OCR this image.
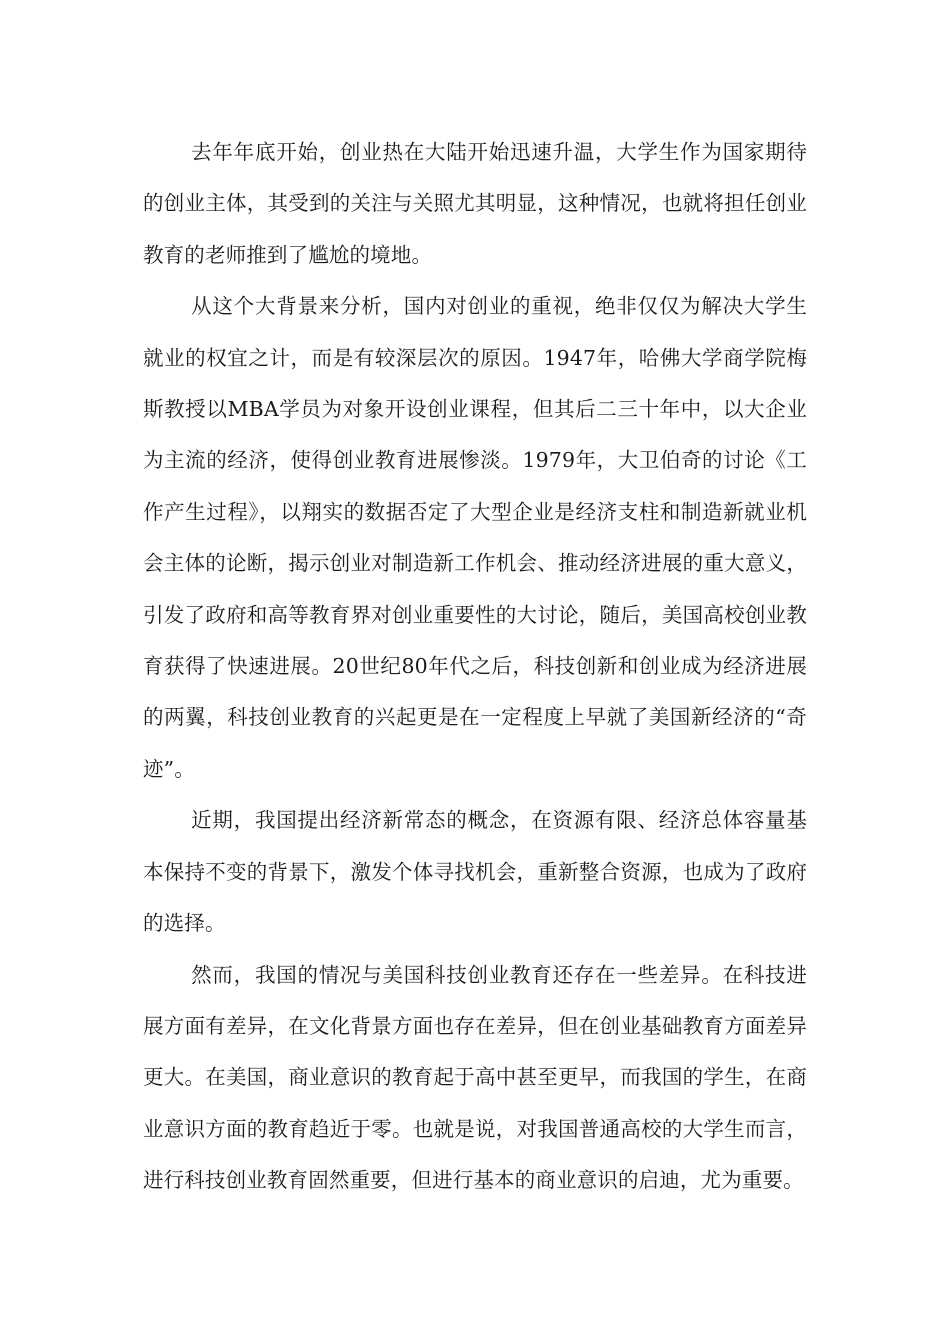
去年年底开始，创业热在大陆开始迅速升温，大学生作为国家期待的创业主体，其受到的关注与关照尤其明显，这种情况，也就将担任创业教育的老师推到了尴尬的境地。

从这个大背景来分析，国内对创业的重视，绝非仅仅为解决大学生就业的权宜之计，而是有较深层次的原因。1947年，哈佛大学商学院梅斯教授以MBA学员为对象开设创业课程，但其后二三十年中，以大企业为主流的经济，使得创业教育进展惨淡。1979年，大卫伯奇的讨论《工作产生过程》，以翔实的数据否定了大型企业是经济支柱和制造新就业机会主体的论断，揭示创业对制造新工作机会、推动经济进展的重大意义，引发了政府和高等教育界对创业重要性的大讨论，随后，美国高校创业教育获得了快速进展。20世纪80年代之后，科技创新和创业成为经济进展的两翼，科技创业教育的兴起更是在一定程度上早就了美国新经济的“奇迹”。

近期，我国提出经济新常态的概念，在资源有限、经济总体容量基本保持不变的背景下，激发个体寻找机会，重新整合资源，也成为了政府的选择。

然而，我国的情况与美国科技创业教育还存在一些差异。在科技进展方面有差异，在文化背景方面也存在差异，但在创业基础教育方面差异更大。在美国，商业意识的教育起于高中甚至更早，而我国的学生，在商业意识方面的教育趋近于零。也就是说，对我国普通高校的大学生而言，进行科技创业教育固然重要，但进行基本的商业意识的启迪，尤为重要。
